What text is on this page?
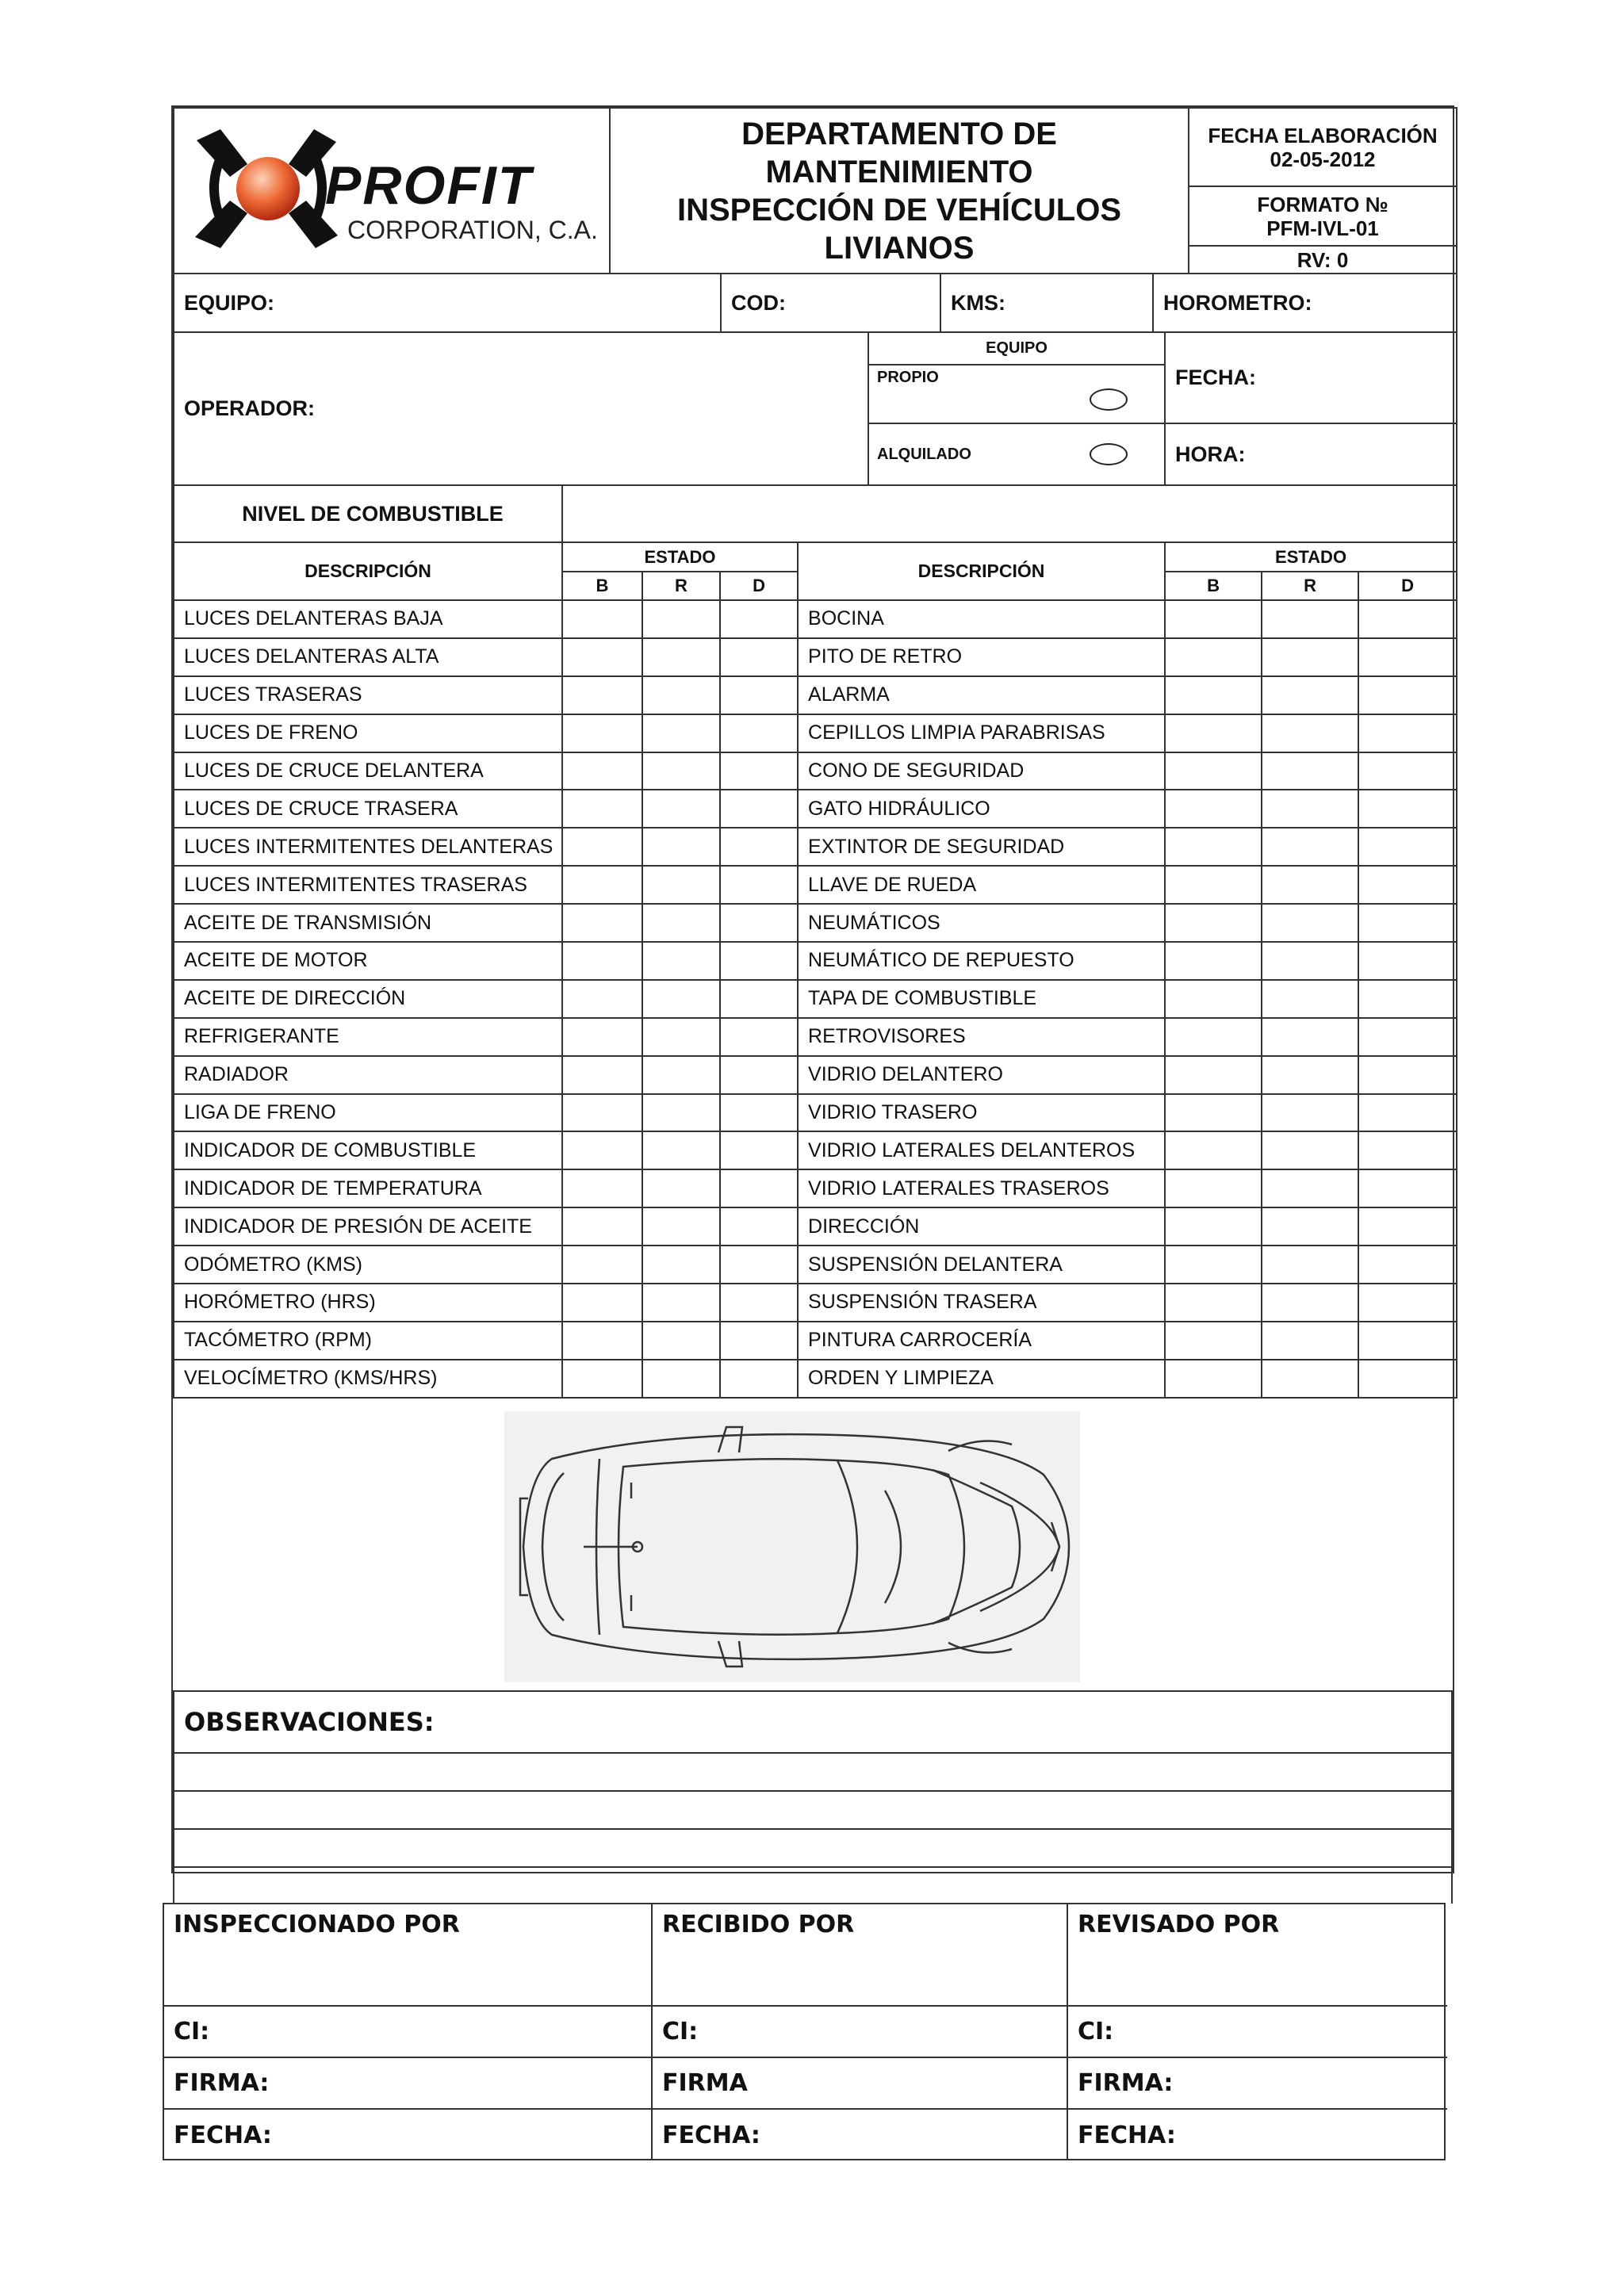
PROFIT
CORPORATION, C.A.

DEPARTAMENTO DE
MANTENIMIENTO
INSPECCIÓN DE VEHÍCULOS
LIVIANOS

FECHA ELABORACIÓN
02-05-2012

FORMATO №
PFM-IVL-01

RV: 0
EQUIPO:	COD:	KMS:	HOROMETRO:
OPERADOR:	EQUIPO		FECHA:
	PROPIO		
	ALQUILADO		HORA:
NIVEL DE COMBUSTIBLE	
DESCRIPCIÓN	ESTADO			DESCRIPCIÓN	ESTADO		
	B	R	D		B	R	D
LUCES DELANTERAS BAJA				BOCINA			
LUCES DELANTERAS ALTA				PITO DE RETRO			
LUCES TRASERAS				ALARMA			
LUCES DE FRENO				CEPILLOS LIMPIA PARABRISAS			
LUCES DE CRUCE DELANTERA				CONO DE SEGURIDAD			
LUCES DE CRUCE TRASERA				GATO HIDRÁULICO			
LUCES INTERMITENTES DELANTERAS				EXTINTOR DE SEGURIDAD			
LUCES INTERMITENTES TRASERAS				LLAVE DE RUEDA			
ACEITE DE TRANSMISIÓN				NEUMÁTICOS			
ACEITE DE MOTOR				NEUMÁTICO DE REPUESTO			
ACEITE DE DIRECCIÓN				TAPA DE COMBUSTIBLE			
REFRIGERANTE				RETROVISORES			
RADIADOR				VIDRIO DELANTERO			
LIGA DE FRENO				VIDRIO TRASERO			
INDICADOR DE COMBUSTIBLE				VIDRIO LATERALES DELANTEROS			
INDICADOR DE TEMPERATURA				VIDRIO LATERALES TRASEROS			
INDICADOR DE PRESIÓN DE ACEITE				DIRECCIÓN			
ODÓMETRO (KMS)				SUSPENSIÓN DELANTERA			
HORÓMETRO (HRS)				SUSPENSIÓN TRASERA			
TACÓMETRO (RPM)				PINTURA CARROCERÍA			
VELOCÍMETRO (KMS/HRS)				ORDEN Y LIMPIEZA			
OBSERVACIONES:

INSPECCIONADO POR	RECIBIDO POR	REVISADO POR
CI:	CI:	CI:
FIRMA:	FIRMA	FIRMA:
FECHA:	FECHA:	FECHA:
